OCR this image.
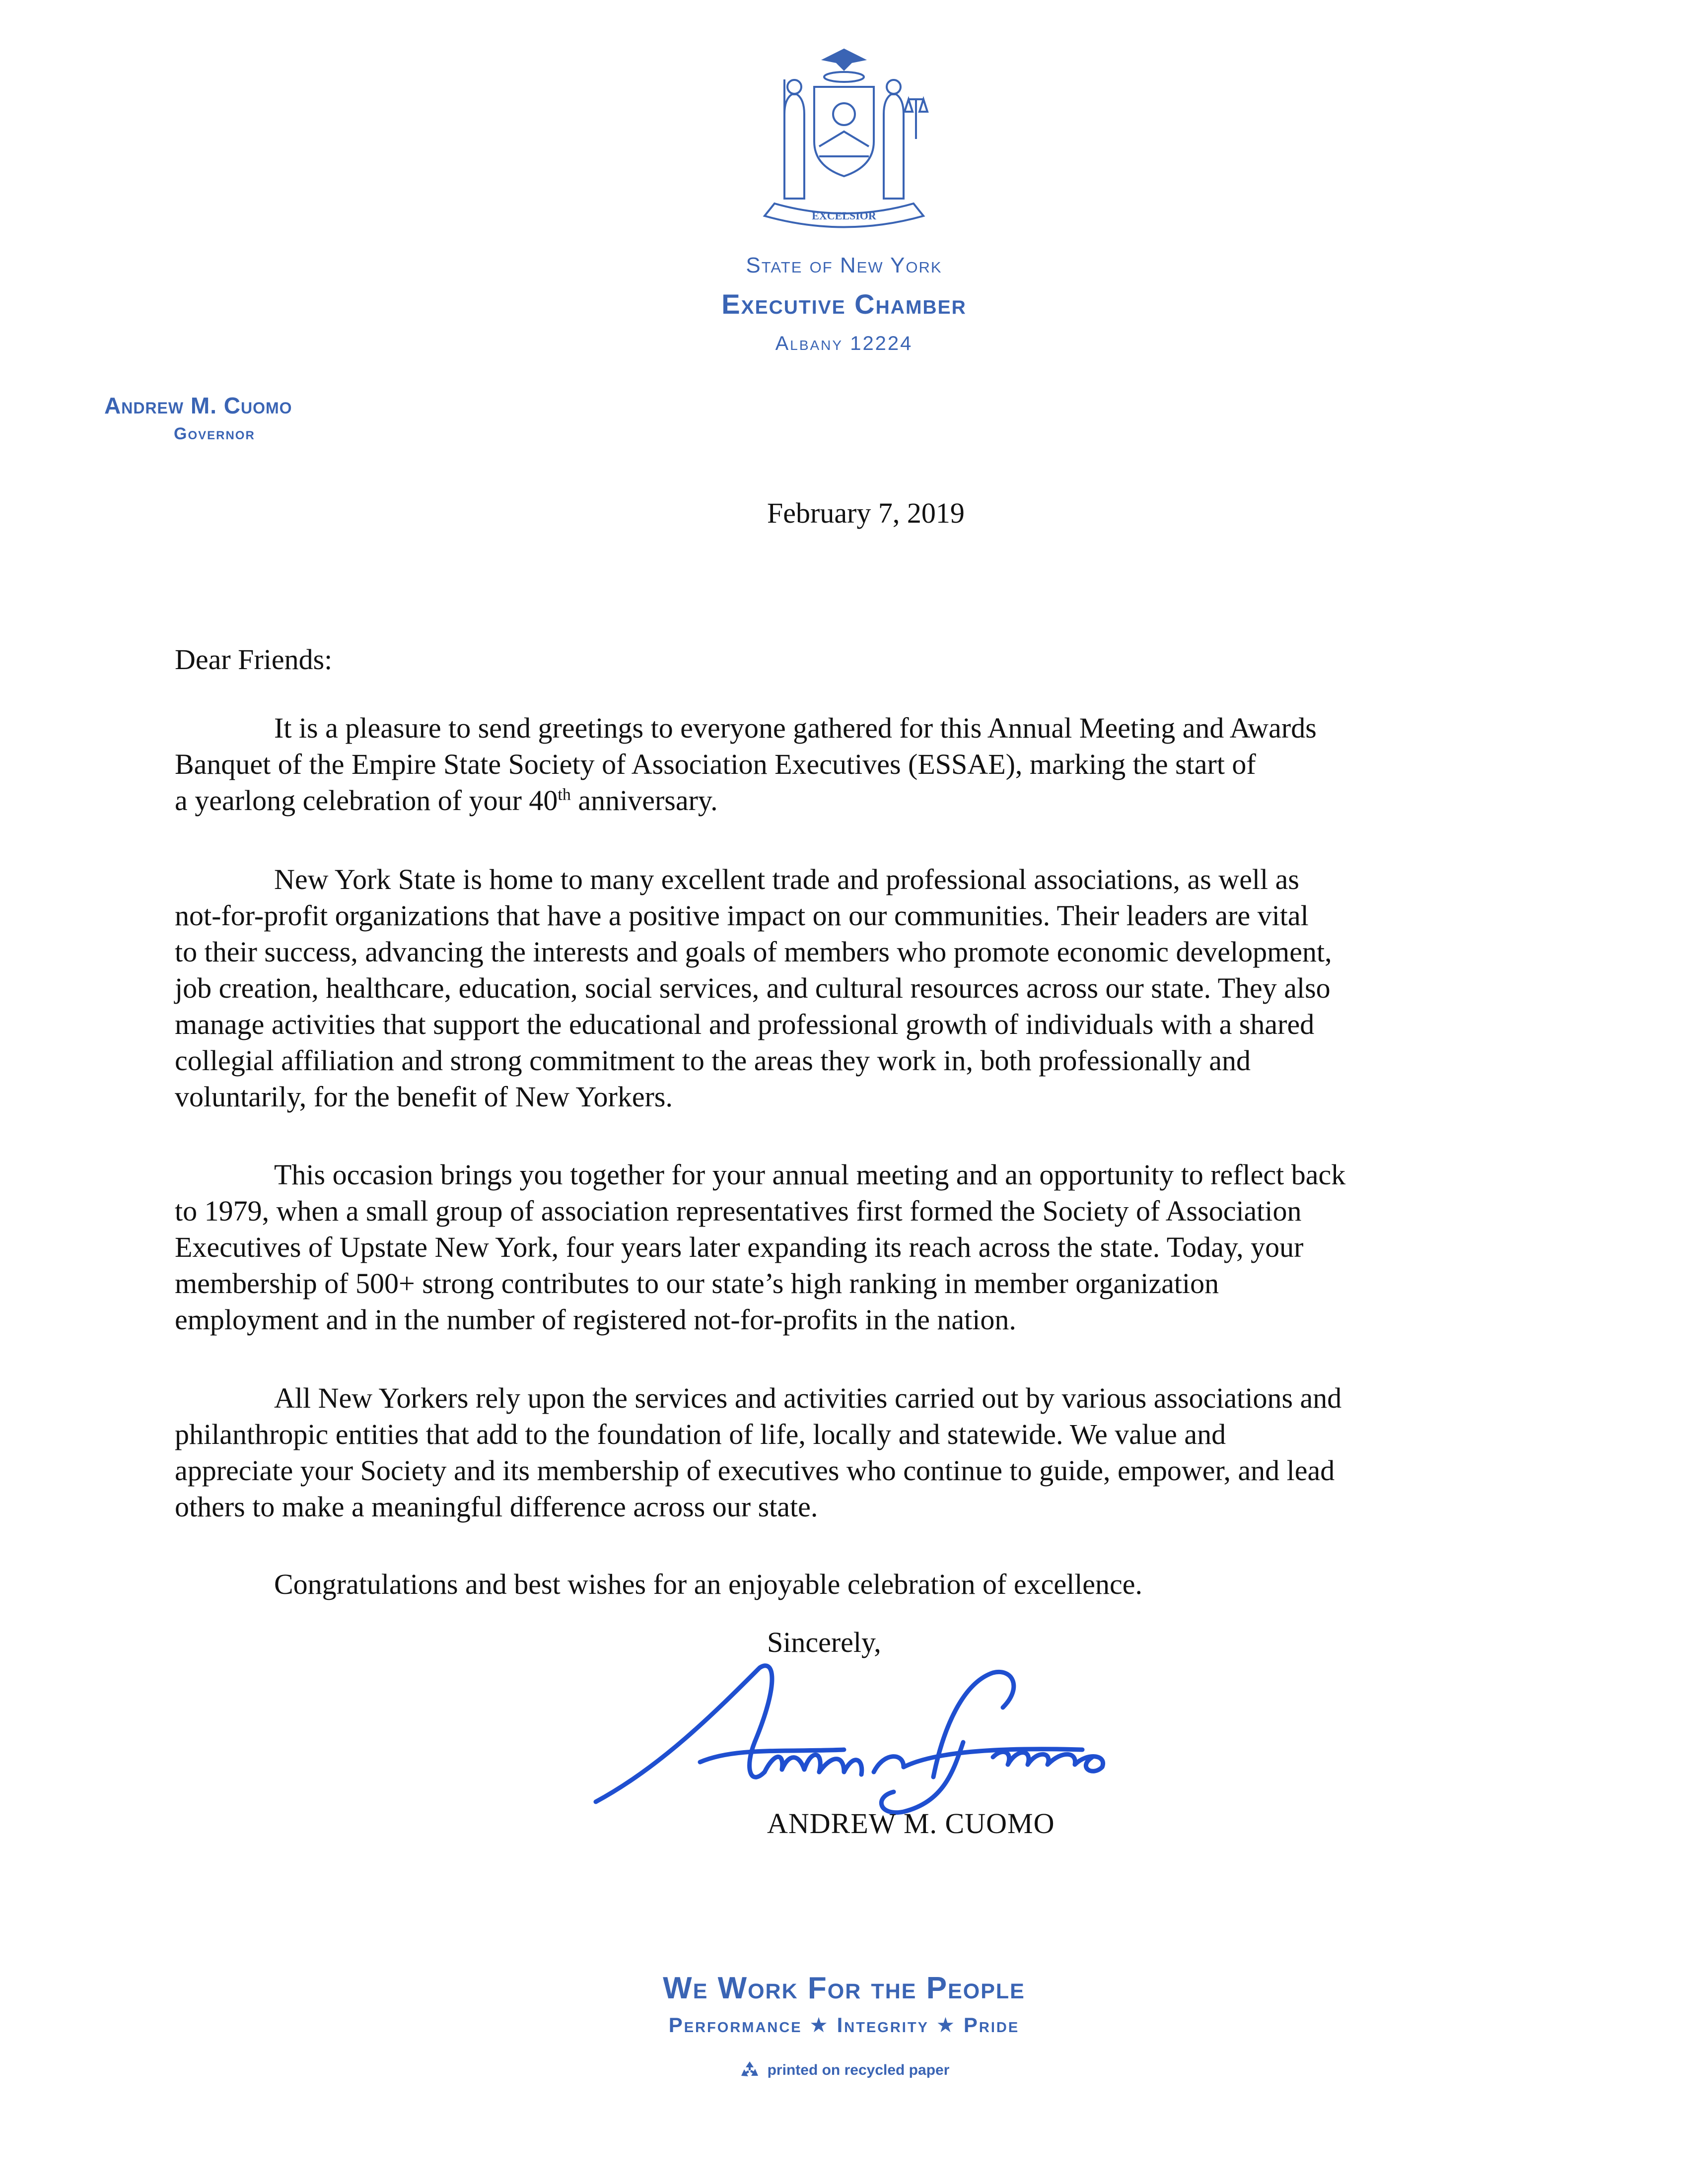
EXCELSIOR
State of New York
Executive Chamber
Albany 12224
Andrew M. Cuomo
Governor
February 7, 2019
Dear Friends:
It is a pleasure to send greetings to everyone gathered for this Annual Meeting and Awards
Banquet of the Empire State Society of Association Executives (ESSAE), marking the start of
a yearlong celebration of your 40th anniversary.
New York State is home to many excellent trade and professional associations, as well as
not-for-profit organizations that have a positive impact on our communities. Their leaders are vital
to their success, advancing the interests and goals of members who promote economic development,
job creation, healthcare, education, social services, and cultural resources across our state. They also
manage activities that support the educational and professional growth of individuals with a shared
collegial affiliation and strong commitment to the areas they work in, both professionally and
voluntarily, for the benefit of New Yorkers.
This occasion brings you together for your annual meeting and an opportunity to reflect back
to 1979, when a small group of association representatives first formed the Society of Association
Executives of Upstate New York, four years later expanding its reach across the state. Today, your
membership of 500+ strong contributes to our state’s high ranking in member organization
employment and in the number of registered not-for-profits in the nation.
All New Yorkers rely upon the services and activities carried out by various associations and
philanthropic entities that add to the foundation of life, locally and statewide. We value and
appreciate your Society and its membership of executives who continue to guide, empower, and lead
others to make a meaningful difference across our state.
Congratulations and best wishes for an enjoyable celebration of excellence.
Sincerely,
ANDREW M. CUOMO
We Work For the People
Performance ★ Integrity ★ Pride
printed on recycled paper
